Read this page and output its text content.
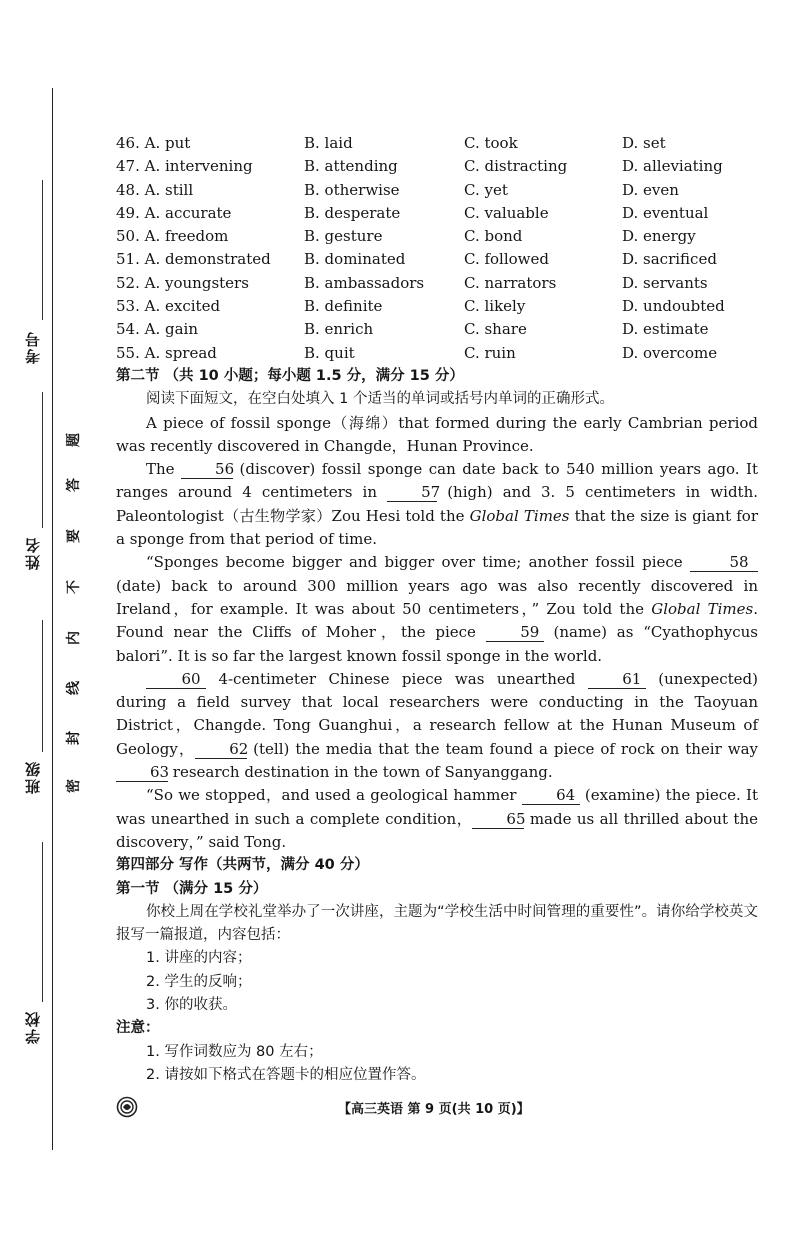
考号
姓名
班级
学校
题
答
要
不
内
线
封
密
46. A. put	B. laid	C. took	D. set
47. A. intervening	B. attending	C. distracting	D. alleviating
48. A. still	B. otherwise	C. yet	D. even
49. A. accurate	B. desperate	C. valuable	D. eventual
50. A. freedom	B. gesture	C. bond	D. energy
51. A. demonstrated	B. dominated	C. followed	D. sacrificed
52. A. youngsters	B. ambassadors	C. narrators	D. servants
53. A. excited	B. definite	C. likely	D. undoubted
54. A. gain	B. enrich	C. share	D. estimate
55. A. spread	B. quit	C. ruin	D. overcome

第二节 （共 10 小题；每小题 1.5 分，满分 15 分）

阅读下面短文，在空白处填入 1 个适当的单词或括号内单词的正确形式。

A piece of fossil sponge（海绵）that formed during the early Cambrian period was recently discovered in Changde，Hunan Province.

The 56 (discover) fossil sponge can date back to 540 million years ago. It ranges around 4 centimeters in 57 (high) and 3. 5 centimeters in width. Paleontologist（古生物学家）Zou Hesi told the Global Times that the size is giant for a sponge from that period of time.

“Sponges become bigger and bigger over time; another fossil piece	58 (date) back to around 300 million years ago was also recently discovered in Ireland，for example. It was about 50 centimeters，” Zou told the Global Times. Found near the Cliffs of Moher，the piece 59 (name) as “Cyathophycus balori”. It is so far the largest known fossil sponge in the world.

60 4-centimeter Chinese piece was unearthed 61 (unexpected) during a field survey that local researchers were conducting in the Taoyuan District，Changde. Tong Guanghui，a research fellow at the Hunan Museum of Geology， 62 (tell) the media that the team found a piece of rock on their way 63 research destination in the town of Sanyanggang.

“So we stopped，and used a geological hammer 64 (examine) the piece. It was unearthed in such a complete condition， 65 made us all thrilled about the discovery，” said Tong.

第四部分 写作（共两节，满分 40 分）

第一节 （满分 15 分）

你校上周在学校礼堂举办了一次讲座，主题为“学校生活中时间管理的重要性”。请你给学校英文报写一篇报道，内容包括：

1. 讲座的内容；

2. 学生的反响；

3. 你的收获。

注意：

1. 写作词数应为 80 左右；

2. 请按如下格式在答题卡的相应位置作答。

【高三英语 第 9 页(共 10 页)】
